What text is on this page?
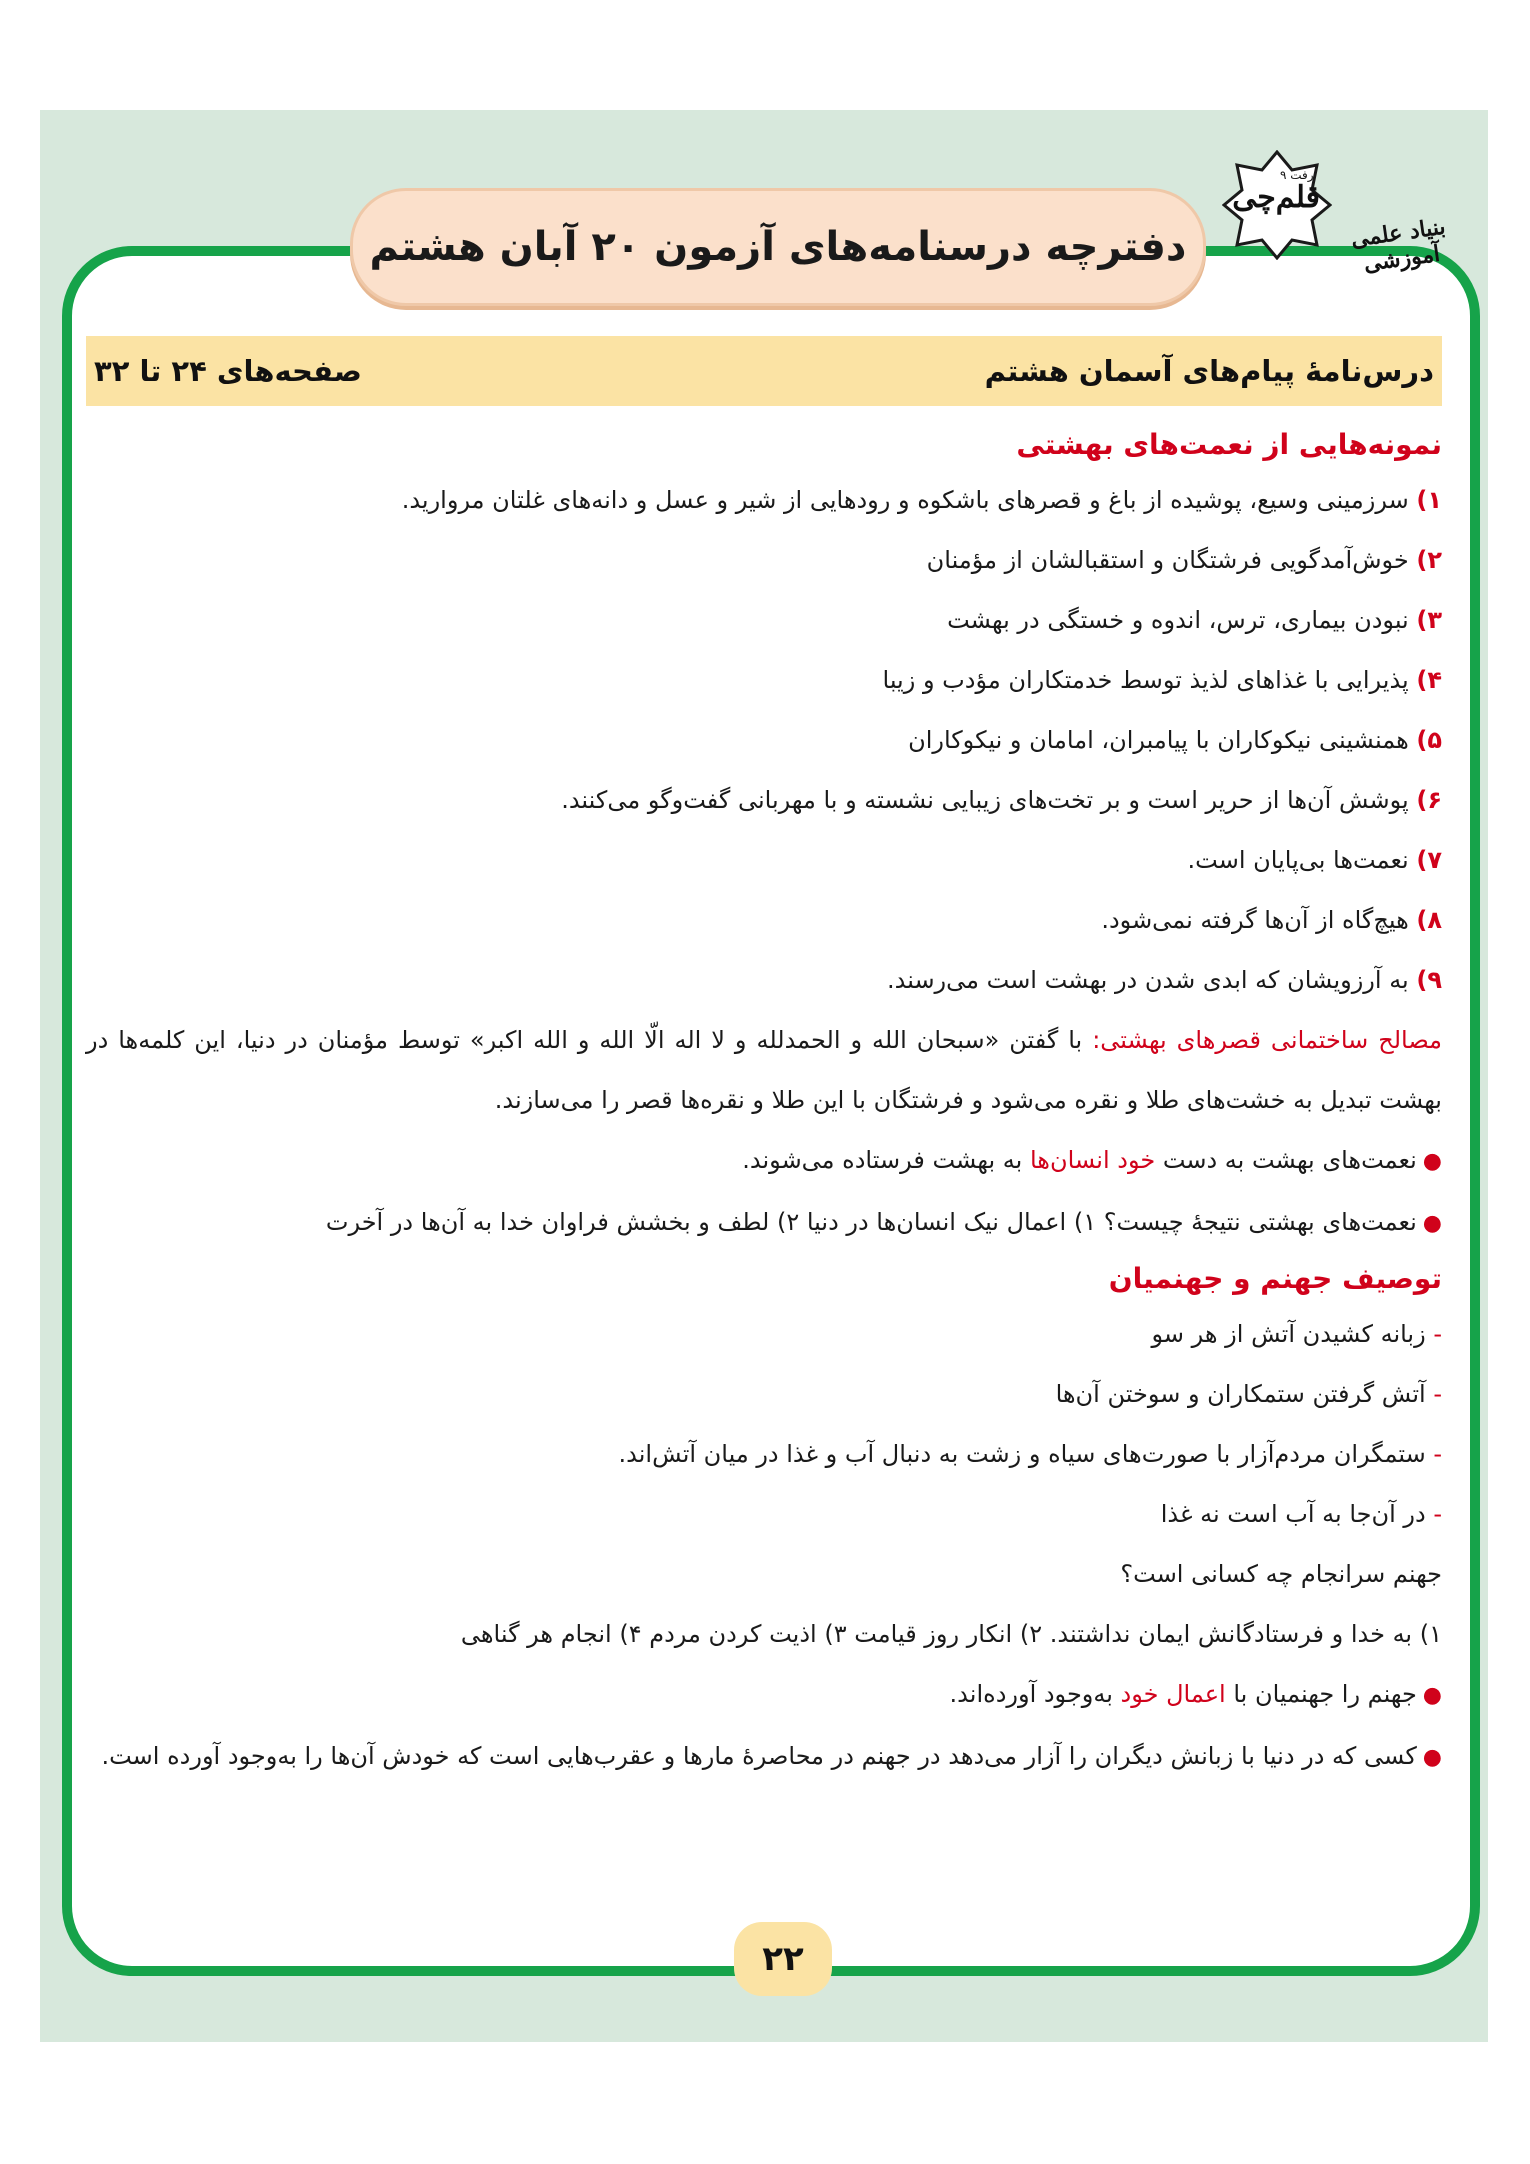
رفت ۹
قلم‌چی
بنیاد علمی آموزشی
دفترچه درسنامه‌های آزمون ۲۰ آبان هشتم
درس‌نامۀ پیام‌های آسمان هشتم
صفحه‌های ۲۴ تا ۳۲

نمونه‌هایی از نعمت‌های بهشتی

۱) سرزمینی وسیع، پوشیده از باغ و قصرهای باشکوه و رودهایی از شیر و عسل و دانه‌های غلتان مروارید.

۲) خوش‌آمدگویی فرشتگان و استقبالشان از مؤمنان

۳) نبودن بیماری، ترس، اندوه و خستگی در بهشت

۴) پذیرایی با غذاهای لذیذ توسط خدمتکاران مؤدب و زیبا

۵) همنشینی نیکوکاران با پیامبران، امامان و نیکوکاران

۶) پوشش آن‌ها از حریر است و بر تخت‌های زیبایی نشسته و با مهربانی گفت‌وگو می‌کنند.

۷) نعمت‌ها بی‌پایان است.

۸) هیچ‌گاه از آن‌ها گرفته نمی‌شود.

۹) به آرزویشان که ابدی شدن در بهشت است می‌رسند.

مصالح ساختمانی قصرهای بهشتی: با گفتن «سبحان الله و الحمدلله و لا اله الّا الله و الله اکبر» توسط مؤمنان در دنیا، این کلمه‌ها در بهشت تبدیل به خشت‌های طلا و نقره می‌شود و فرشتگان با این طلا و نقره‌ها قصر را می‌سازند.

●نعمت‌های بهشت به دست خود انسان‌ها به بهشت فرستاده می‌شوند.

●نعمت‌های بهشتی نتیجۀ چیست؟ ۱) اعمال نیک انسان‌ها در دنیا ۲) لطف و بخشش فراوان خدا به آن‌ها در آخرت

توصیف جهنم و جهنمیان

- زبانه کشیدن آتش از هر سو

- آتش گرفتن ستمکاران و سوختن آن‌ها

- ستمگران مردم‌آزار با صورت‌های سیاه و زشت به دنبال آب و غذا در میان آتش‌اند.

- در آن‌جا به آب است نه غذا

جهنم سرانجام چه کسانی است؟

۱) به خدا و فرستادگانش ایمان نداشتند. ۲) انکار روز قیامت ۳) اذیت کردن مردم ۴) انجام هر گناهی

●جهنم را جهنمیان با اعمال خود به‌وجود آورده‌اند.

●کسی که در دنیا با زبانش دیگران را آزار می‌دهد در جهنم در محاصرۀ مارها و عقرب‌هایی است که خودش آن‌ها را به‌وجود آورده است.

۲۲
